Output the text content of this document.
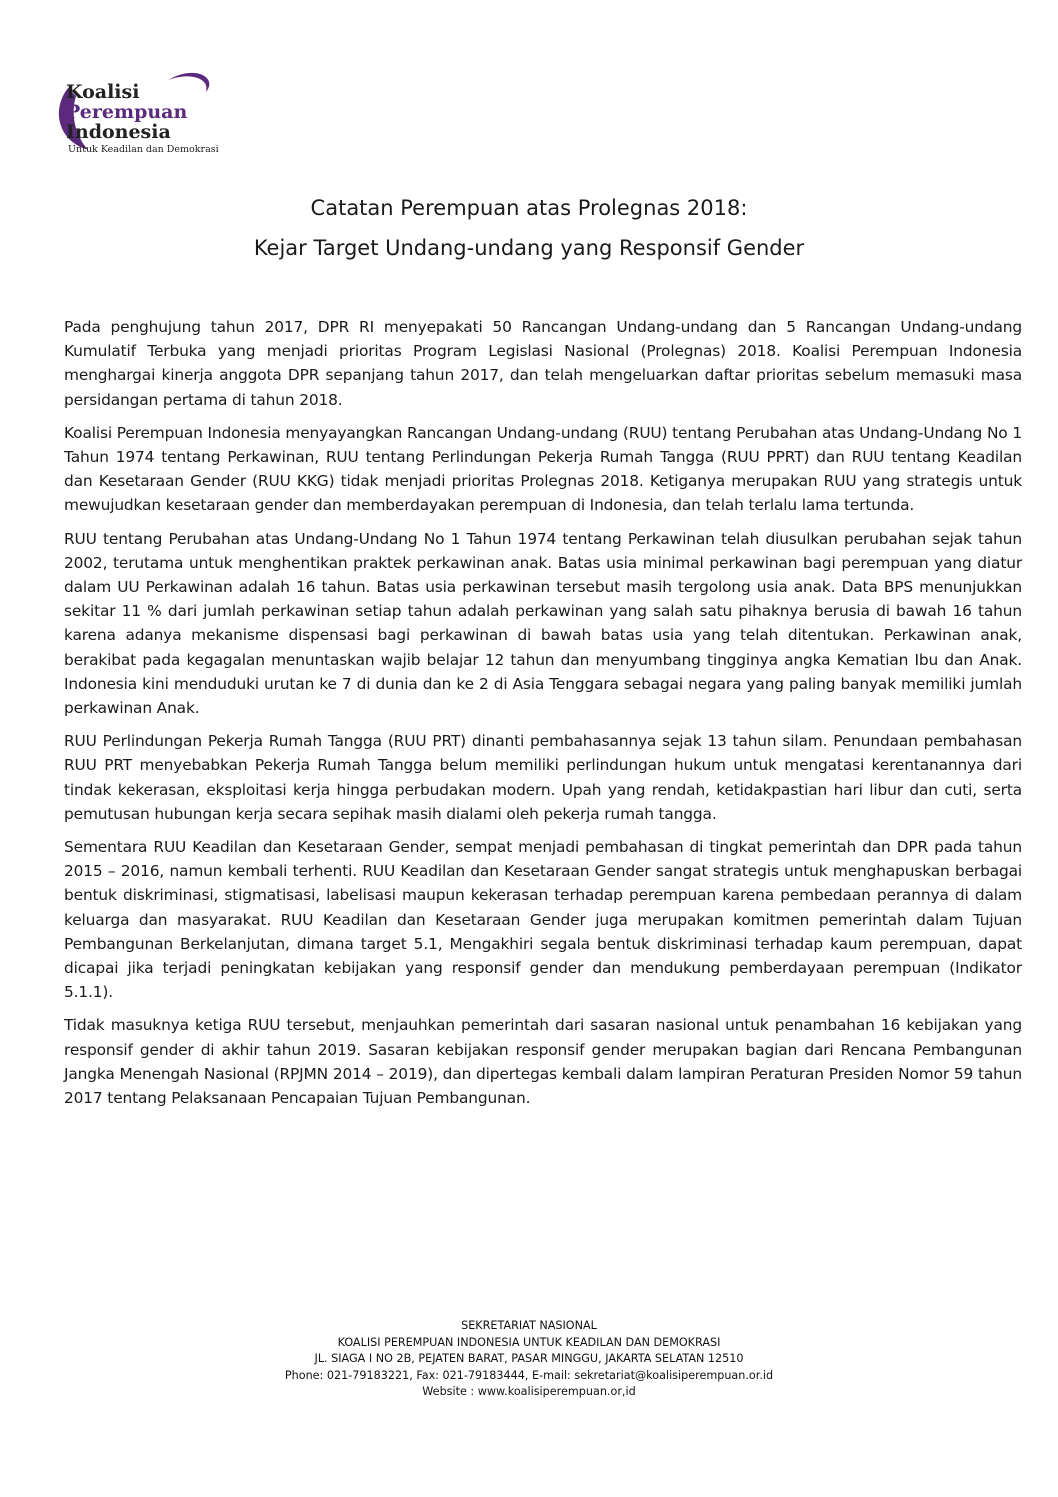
Koalisi
Perempuan
Indonesia
Untuk Keadilan dan Demokrasi
Catatan Perempuan atas Prolegnas 2018:
Kejar Target Undang-undang yang Responsif Gender

Pada penghujung tahun 2017, DPR RI menyepakati 50 Rancangan Undang-undang dan 5 Rancangan Undang-undang Kumulatif Terbuka yang menjadi prioritas Program Legislasi Nasional (Prolegnas) 2018. Koalisi Perempuan Indonesia menghargai kinerja anggota DPR sepanjang tahun 2017, dan telah mengeluarkan daftar prioritas sebelum memasuki masa persidangan pertama di tahun 2018.

Koalisi Perempuan Indonesia menyayangkan Rancangan Undang-undang (RUU) tentang Perubahan atas Undang-Undang No 1 Tahun 1974 tentang Perkawinan, RUU tentang Perlindungan Pekerja Rumah Tangga (RUU PPRT) dan RUU tentang Keadilan dan Kesetaraan Gender (RUU KKG) tidak menjadi prioritas Prolegnas 2018. Ketiganya merupakan RUU yang strategis untuk mewujudkan kesetaraan gender dan memberdayakan perempuan di Indonesia, dan telah terlalu lama tertunda.

RUU tentang Perubahan atas Undang-Undang No 1 Tahun 1974 tentang Perkawinan telah diusulkan perubahan sejak tahun 2002, terutama untuk menghentikan praktek perkawinan anak. Batas usia minimal perkawinan bagi perempuan yang diatur dalam UU Perkawinan adalah 16 tahun. Batas usia perkawinan tersebut masih tergolong usia anak. Data BPS menunjukkan sekitar 11 % dari jumlah perkawinan setiap tahun adalah perkawinan yang salah satu pihaknya berusia di bawah 16 tahun karena adanya mekanisme dispensasi bagi perkawinan di bawah batas usia yang telah ditentukan. Perkawinan anak, berakibat pada kegagalan menuntaskan wajib belajar 12 tahun dan menyumbang tingginya angka Kematian Ibu dan Anak. Indonesia kini menduduki urutan ke 7 di dunia dan ke 2 di Asia Tenggara sebagai negara yang paling banyak memiliki jumlah perkawinan Anak.

RUU Perlindungan Pekerja Rumah Tangga (RUU PRT) dinanti pembahasannya sejak 13 tahun silam. Penundaan pembahasan RUU PRT menyebabkan Pekerja Rumah Tangga belum memiliki perlindungan hukum untuk mengatasi kerentanannya dari tindak kekerasan, eksploitasi kerja hingga perbudakan modern. Upah yang rendah, ketidakpastian hari libur dan cuti, serta pemutusan hubungan kerja secara sepihak masih dialami oleh pekerja rumah tangga.

Sementara RUU Keadilan dan Kesetaraan Gender, sempat menjadi pembahasan di tingkat pemerintah dan DPR pada tahun 2015 – 2016, namun kembali terhenti. RUU Keadilan dan Kesetaraan Gender sangat strategis untuk menghapuskan berbagai bentuk diskriminasi, stigmatisasi, labelisasi maupun kekerasan terhadap perempuan karena pembedaan perannya di dalam keluarga dan masyarakat. RUU Keadilan dan Kesetaraan Gender juga merupakan komitmen pemerintah dalam Tujuan Pembangunan Berkelanjutan, dimana target 5.1, Mengakhiri segala bentuk diskriminasi terhadap kaum perempuan, dapat dicapai jika terjadi peningkatan kebijakan yang responsif gender dan mendukung pemberdayaan perempuan (Indikator 5.1.1).

Tidak masuknya ketiga RUU tersebut, menjauhkan pemerintah dari sasaran nasional untuk penambahan 16 kebijakan yang responsif gender di akhir tahun 2019. Sasaran kebijakan responsif gender merupakan bagian dari Rencana Pembangunan Jangka Menengah Nasional (RPJMN 2014 – 2019), dan dipertegas kembali dalam lampiran Peraturan Presiden Nomor 59 tahun 2017 tentang Pelaksanaan Pencapaian Tujuan Pembangunan.

SEKRETARIAT NASIONAL
KOALISI PEREMPUAN INDONESIA UNTUK KEADILAN DAN DEMOKRASI
JL. SIAGA I NO 2B, PEJATEN BARAT, PASAR MINGGU, JAKARTA SELATAN 12510
Phone: 021-79183221, Fax: 021-79183444, E-mail: sekretariat@koalisiperempuan.or.id
Website : www.koalisiperempuan.or,id
